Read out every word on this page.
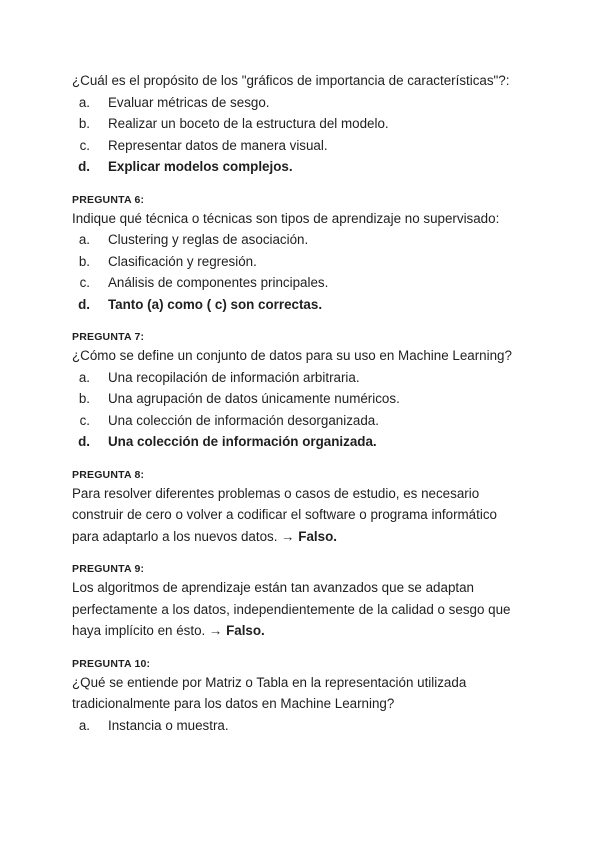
¿Cuál es el propósito de los "gráficos de importancia de características"?:

a. Evaluar métricas de sesgo.
b. Realizar un boceto de la estructura del modelo.
c. Representar datos de manera visual.
d. Explicar modelos complejos.

PREGUNTA 6:

Indique qué técnica o técnicas son tipos de aprendizaje no supervisado:

a. Clustering y reglas de asociación.
b. Clasificación y regresión.
c. Análisis de componentes principales.
d. Tanto (a) como ( c) son correctas.

PREGUNTA 7:

¿Cómo se define un conjunto de datos para su uso en Machine Learning?

a. Una recopilación de información arbitraria.
b. Una agrupación de datos únicamente numéricos.
c. Una colección de información desorganizada.
d. Una colección de información organizada.

PREGUNTA 8:

Para resolver diferentes problemas o casos de estudio, es necesario

construir de cero o volver a codificar el software o programa informático

para adaptarlo a los nuevos datos. → Falso.

PREGUNTA 9:

Los algoritmos de aprendizaje están tan avanzados que se adaptan

perfectamente a los datos, independientemente de la calidad o sesgo que

haya implícito en ésto. → Falso.

PREGUNTA 10:

¿Qué se entiende por Matriz o Tabla en la representación utilizada

tradicionalmente para los datos en Machine Learning?

a. Instancia o muestra.
